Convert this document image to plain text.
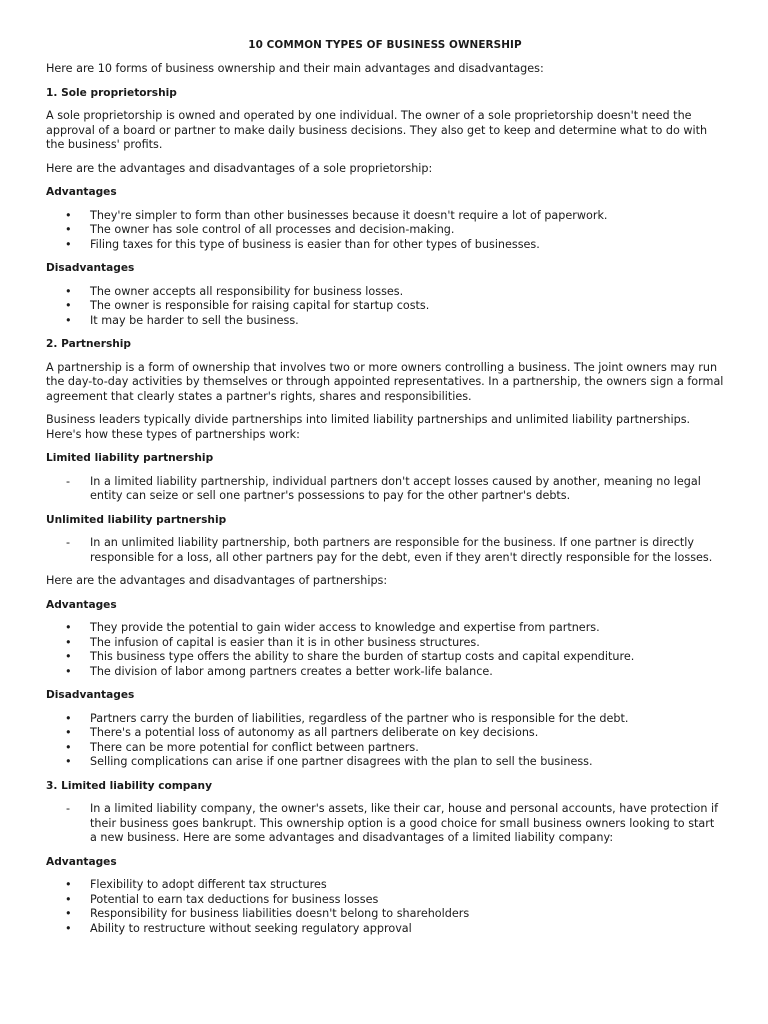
10 COMMON TYPES OF BUSINESS OWNERSHIP

Here are 10 forms of business ownership and their main advantages and disadvantages:

1. Sole proprietorship

A sole proprietorship is owned and operated by one individual. The owner of a sole proprietorship doesn't need the approval of a board or partner to make daily business decisions. They also get to keep and determine what to do with the business' profits.

Here are the advantages and disadvantages of a sole proprietorship:

Advantages
•	They're simpler to form than other businesses because it doesn't require a lot of paperwork.
•	The owner has sole control of all processes and decision-making.
•	Filing taxes for this type of business is easier than for other types of businesses.
Disadvantages
•	The owner accepts all responsibility for business losses.
•	The owner is responsible for raising capital for startup costs.
•	It may be harder to sell the business.
2. Partnership

A partnership is a form of ownership that involves two or more owners controlling a business. The joint owners may run the day-to-day activities by themselves or through appointed representatives. In a partnership, the owners sign a formal agreement that clearly states a partner's rights, shares and responsibilities.

Business leaders typically divide partnerships into limited liability partnerships and unlimited liability partnerships. Here's how these types of partnerships work:

Limited liability partnership
- In a limited liability partnership, individual partners don't accept losses caused by another, meaning no legal entity can seize or sell one partner's possessions to pay for the other partner's debts.
Unlimited liability partnership
- In an unlimited liability partnership, both partners are responsible for the business. If one partner is directly responsible for a loss, all other partners pay for the debt, even if they aren't directly responsible for the losses.

Here are the advantages and disadvantages of partnerships:

Advantages
•	They provide the potential to gain wider access to knowledge and expertise from partners.
•	The infusion of capital is easier than it is in other business structures.
•	This business type offers the ability to share the burden of startup costs and capital expenditure.
•	The division of labor among partners creates a better work-life balance.
Disadvantages
•	Partners carry the burden of liabilities, regardless of the partner who is responsible for the debt.
•	There's a potential loss of autonomy as all partners deliberate on key decisions.
•	There can be more potential for conflict between partners.
•	Selling complications can arise if one partner disagrees with the plan to sell the business.
3. Limited liability company
- In a limited liability company, the owner's assets, like their car, house and personal accounts, have protection if their business goes bankrupt. This ownership option is a good choice for small business owners looking to start a new business. Here are some advantages and disadvantages of a limited liability company:
Advantages
•	Flexibility to adopt different tax structures
•	Potential to earn tax deductions for business losses
•	Responsibility for business liabilities doesn't belong to shareholders
•	Ability to restructure without seeking regulatory approval
